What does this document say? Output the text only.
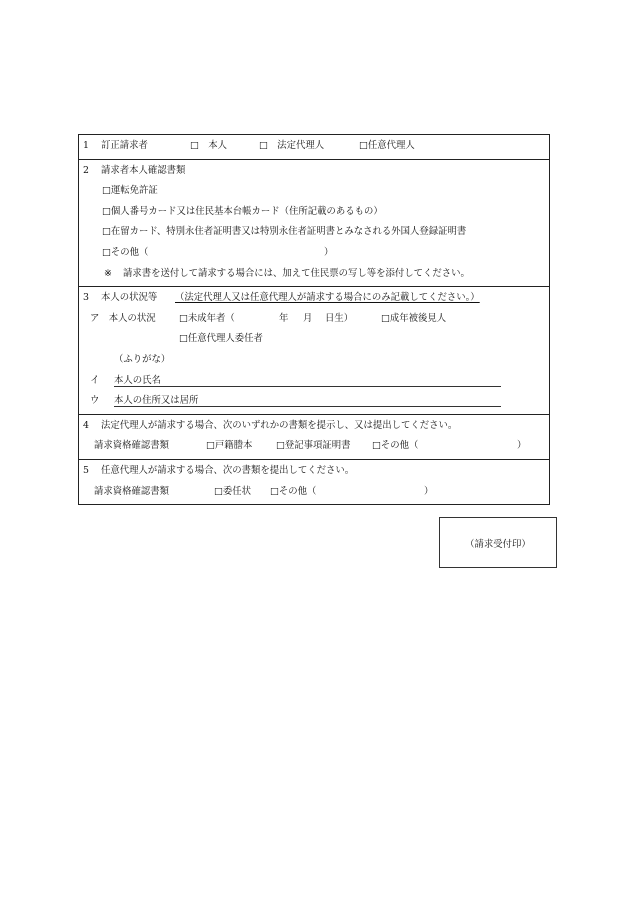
1 訂正請求者	□　本人	□　法定代理人	□任意代理人
2 請求者本人確認書類
□運転免許証
□個人番号カード又は住民基本台帳カード（住所記載のあるもの）
□在留カード、特別永住者証明書又は特別永住者証明書とみなされる外国人登録証明書
□その他（	）
※ 請求書を送付して請求する場合には、加えて住民票の写し等を添付してください。
3 本人の状況等 （法定代理人又は任意代理人が請求する場合にのみ記載してください。）
ア　本人の状況 □未成年者（	年 月 日生）	□成年被後見人
□任意代理人委任者
（ふりがな）
イ 本人の氏名
ウ 本人の住所又は居所
4 法定代理人が請求する場合、次のいずれかの書類を提示し、又は提出してください。
請求資格確認書類	□戸籍謄本	□登記事項証明書 □その他（	）
5 任意代理人が請求する場合、次の書類を提出してください。
請求資格確認書類	□委任状 □その他（	）
（請求受付印）
